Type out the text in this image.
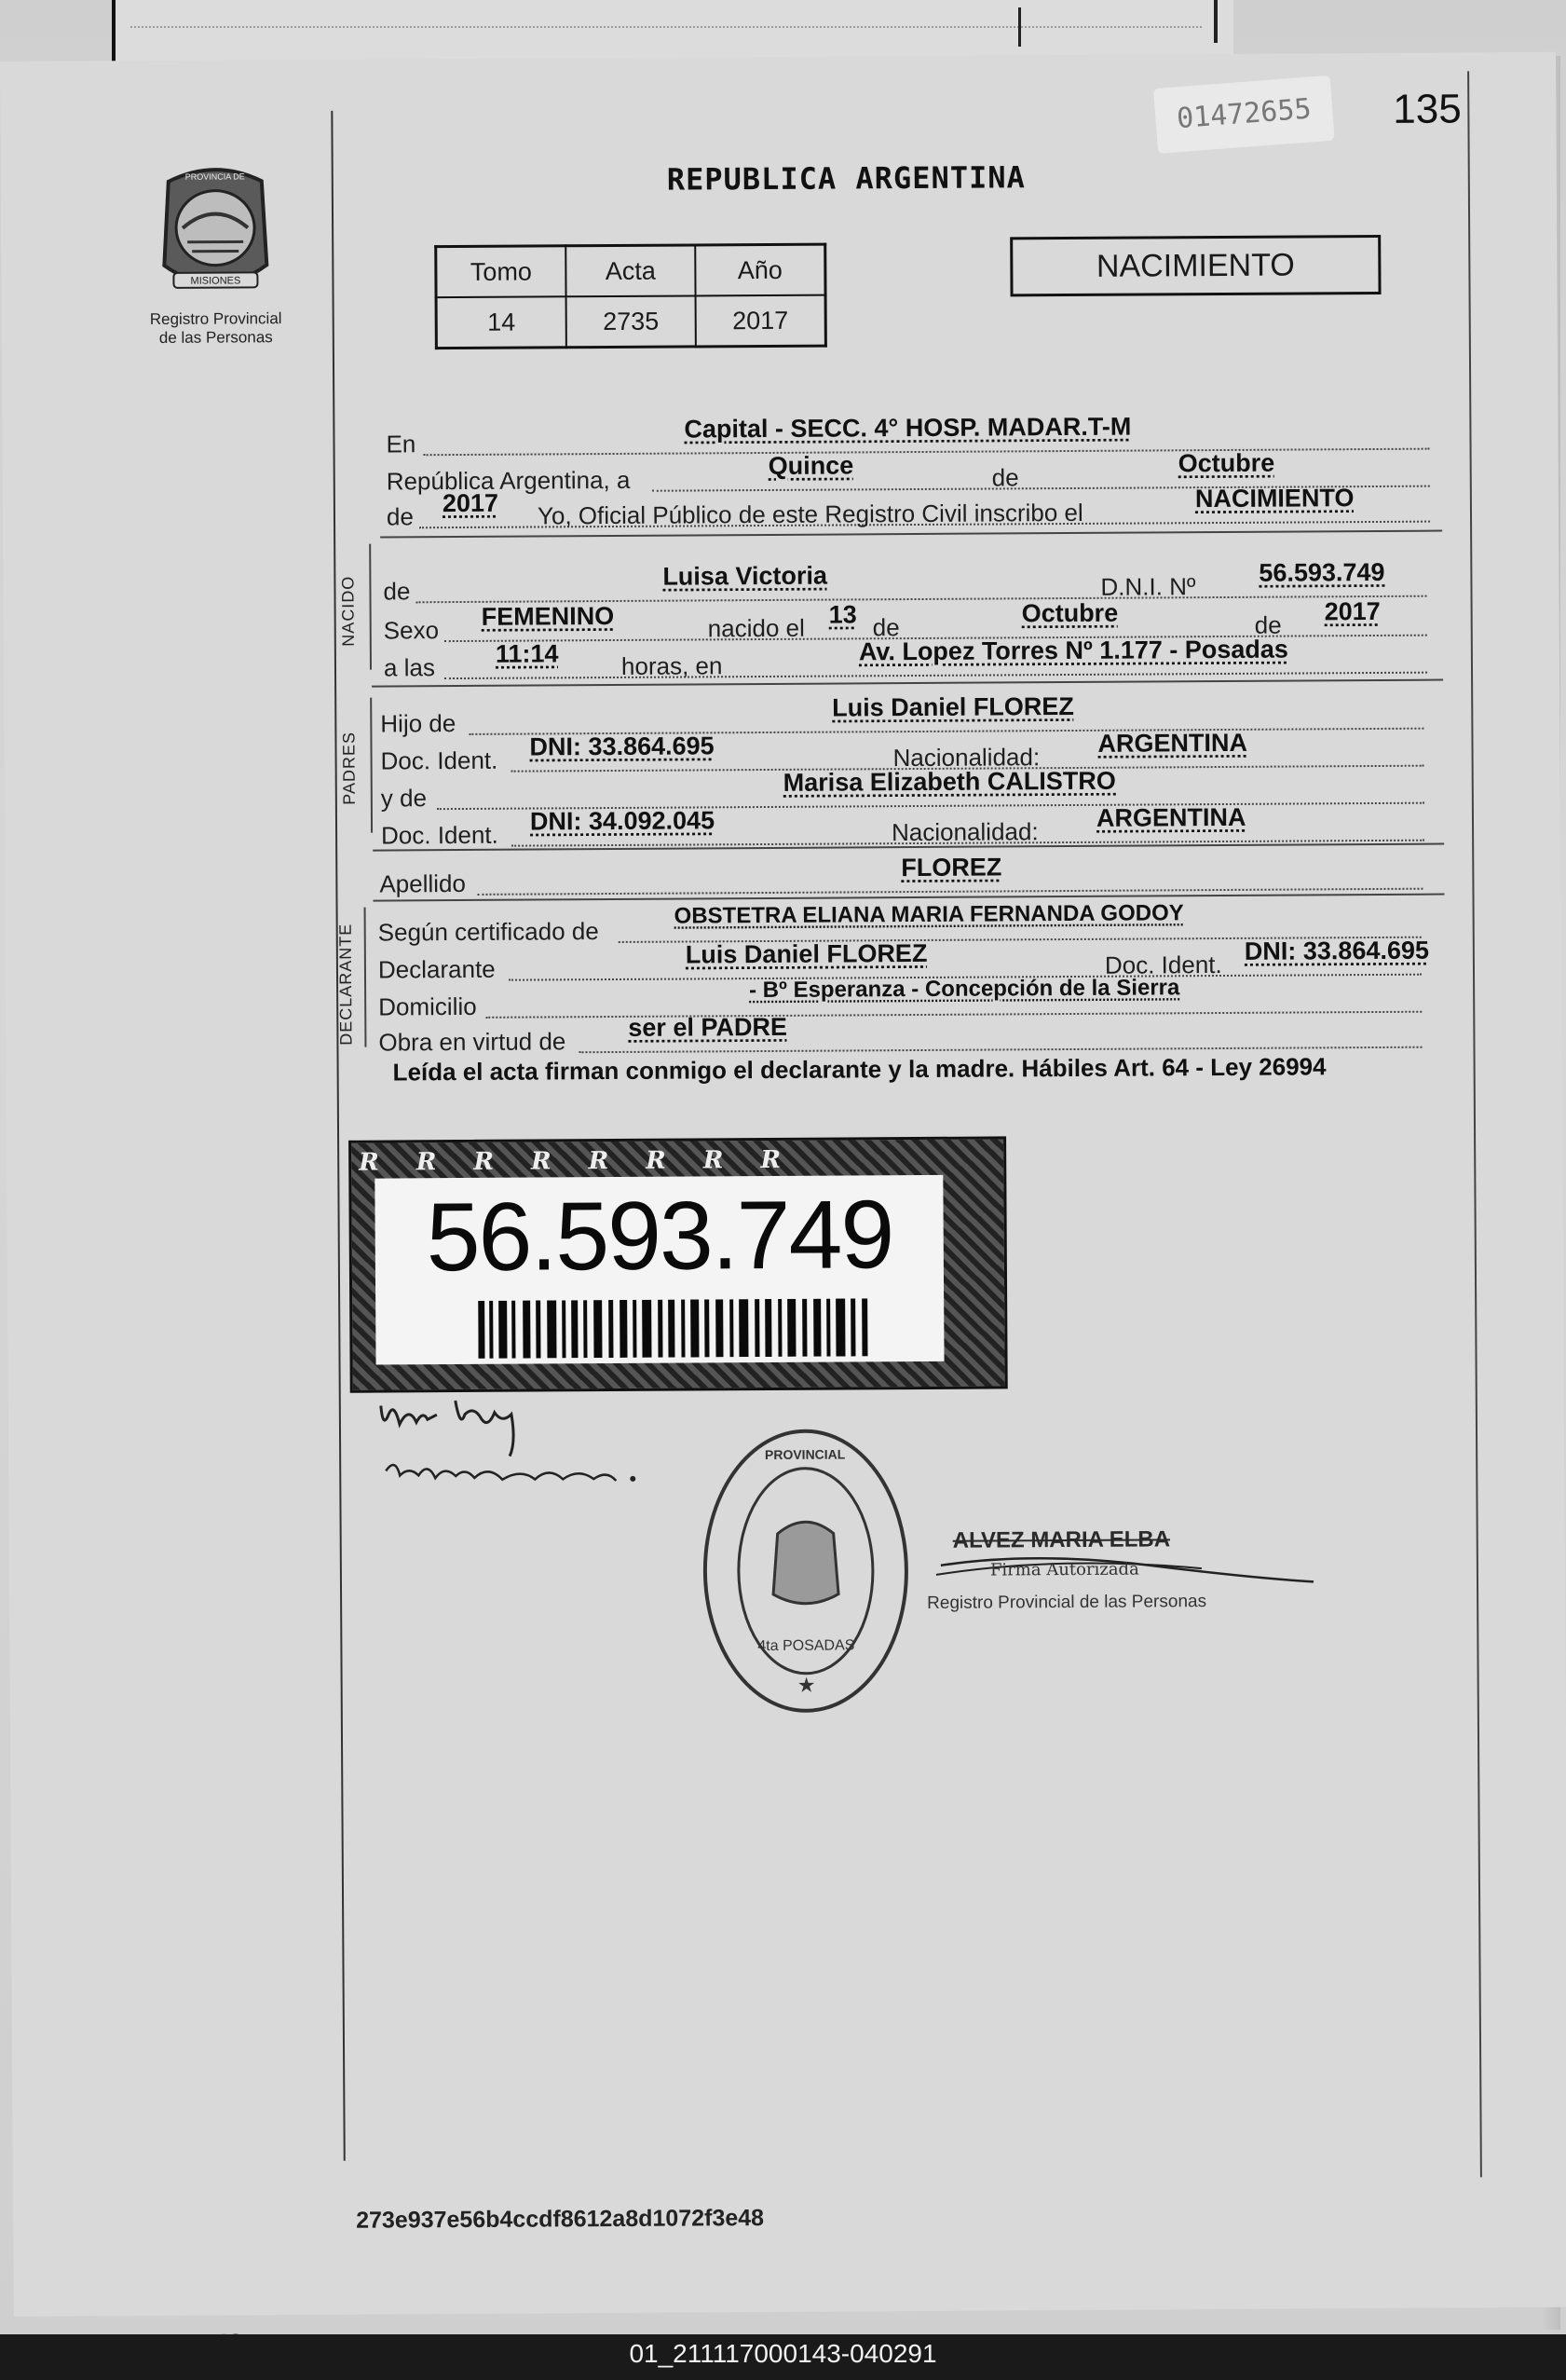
MISIONES
PROVINCIA DE
Registro Provincial
de las Personas
135
01472655
REPUBLICA ARGENTINA
Tomo	Acta	Año
14	2735	2017
NACIMIENTO
En
Capital - SECC. 4° HOSP. MADAR.T-M
República Argentina, a
Quince	de
Octubre
de 2017 Yo, Oficial Público de este Registro Civil inscribo el
NACIMIENTO
NACIDO de
Luisa Victoria	D.N.I. Nº	56.593.749
Sexo FEMENINO	nacido el 13 de	Octubre	de 2017
a las 11:14	horas, en
Av. Lopez Torres Nº 1.177 - Posadas
PADRES
Hijo de
Luis Daniel FLOREZ
Doc. Ident. DNI: 33.864.695	Nacionalidad: ARGENTINA
y de
Marisa Elizabeth CALISTRO
Doc. Ident. DNI: 34.092.045	Nacionalidad: ARGENTINA
Apellido
FLOREZ
DECLARANTE Según certificado de
OBSTETRA ELIANA MARIA FERNANDA GODOY
Declarante
Luis Daniel FLOREZ	Doc. Ident. DNI: 33.864.695
Domicilio
- Bº Esperanza - Concepción de la Sierra
Obra en virtud de ser el PADRE
Leída el acta firman conmigo el declarante y la madre. Hábiles Art. 64 - Ley 26994
RRRRRRRR
56.593.749
PROVINCIAL
4ta POSADAS
★
ALVEZ MARIA ELBA
Firma Autorizada
Registro Provincial de las Personas
273e937e56b4ccdf8612a8d1072f3e48
01_211117000143-040291
